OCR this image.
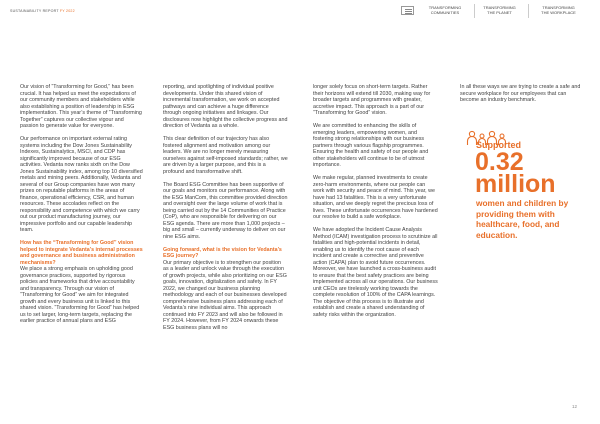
SUSTAINABILITY REPORT FY 2022
TRANSFORMING
COMMUNITIES
TRANSFORMING
THE PLANET
TRANSFORMING
THE WORKPLACE

Our vision of “Transforming for Good,” has been crucial. It has helped us meet the expectations of our community members and stakeholders while also establishing a position of leadership in ESG implementation. This year’s theme of “Transforming Together” captures our collective vigour and passion to generate value for everyone.

Our performance on important external rating systems including the Dow Jones Sustainability Indexes, Sustainalytics, MSCI, and CDP has significantly improved because of our ESG activities. Vedanta now ranks sixth on the Dow Jones Sustainability index, among top 10 diversified metals and mining peers. Additionally, Vedanta and several of our Group companies have won many prizes on reputable platforms in the areas of finance, operational efficiency, CSR, and human resources. These accolades reflect on the responsibility and competence with which we carry out our product manufacturing journey, our impressive portfolio and our capable leadership team.

How has the “Transforming for Good” vision helped to integrate Vedanta’s internal processes and governance and business administration mechanisms?

We place a strong emphasis on upholding good governance practices, supported by rigorous policies and frameworks that drive accountability and transparency. Through our vision of “Transforming for Good” we aim for integrated growth and every business unit is linked to this shared vision. “Transforming for Good” has helped us to set larger, long-term targets, replacing the earlier practice of annual plans and ESG

reporting, and spotlighting of individual positive developments. Under this shared vision of incremental transformation, we work on accepted pathways and can achieve a huge difference through ongoing initiatives and linkages. Our disclosures now highlight the collective progress and direction of Vedanta as a whole.

This clear definition of our trajectory has also fostered alignment and motivation among our leaders. We are no longer merely measuring ourselves against self-imposed standards; rather, we are driven by a larger purpose, and this is a profound and transformative shift.

The Board ESG Committee has been supportive of our goals and monitors our performance. Along with the ESG ManCom, this committee provided direction and oversight over the large volume of work that is being carried out by the 14 Communities of Practice (CoP), who are responsible for delivering on our ESG agenda. There are more than 1,000 projects – big and small – currently underway to deliver on our nine ESG aims.

Going forward, what is the vision for Vedanta’s ESG journey?

Our primary objective is to strengthen our position as a leader and unlock value through the execution of growth projects, while also prioritizing on our ESG goals, innovation, digitalization and safety. In FY 2022, we changed our business planning methodology and each of our businesses developed comprehensive business plans addressing each of Vedanta’s nine individual aims. This approach continued into FY 2023 and will also be followed in FY 2024. However, from FY 2024 onwards these ESG business plans will no

longer solely focus on short-term targets. Rather their horizons will extend till 2030, making way for broader targets and programmes with greater, accretive impact. This approach is a part of our “Transforming for Good” vision.

We are committed to enhancing the skills of emerging leaders, empowering women, and fostering strong relationships with our business partners through various flagship programmes. Ensuring the health and safety of our people and other stakeholders will continue to be of utmost importance.

We make regular, planned investments to create zero-harm environments, where our people can work with security and peace of mind. This year, we have had 13 fatalities. This is a very unfortunate situation, and we deeply regret the precious loss of lives. These unfortunate occurrences have hardened our resolve to build a safe workplace.

We have adopted the Incident Cause Analysis Method (ICAM) investigation process to scrutinize all fatalities and high-potential incidents in detail, enabling us to identify the root cause of each incident and create a corrective and preventive action (CAPA) plan to avoid future occurrences. Moreover, we have launched a cross-business audit to ensure that the best safety practices are being implemented across all our operations. Our business unit CEOs are tirelessly working towards the complete resolution of 100% of the CAPA learnings. The objective of this process is to illustrate and establish and create a shared understanding of safety risks within the organization.

In all these ways we are trying to create a safe and secure workplace for our employees that can become an industry benchmark.

Supported
0.32
million
women and children by providing them with healthcare, food, and education.
12
